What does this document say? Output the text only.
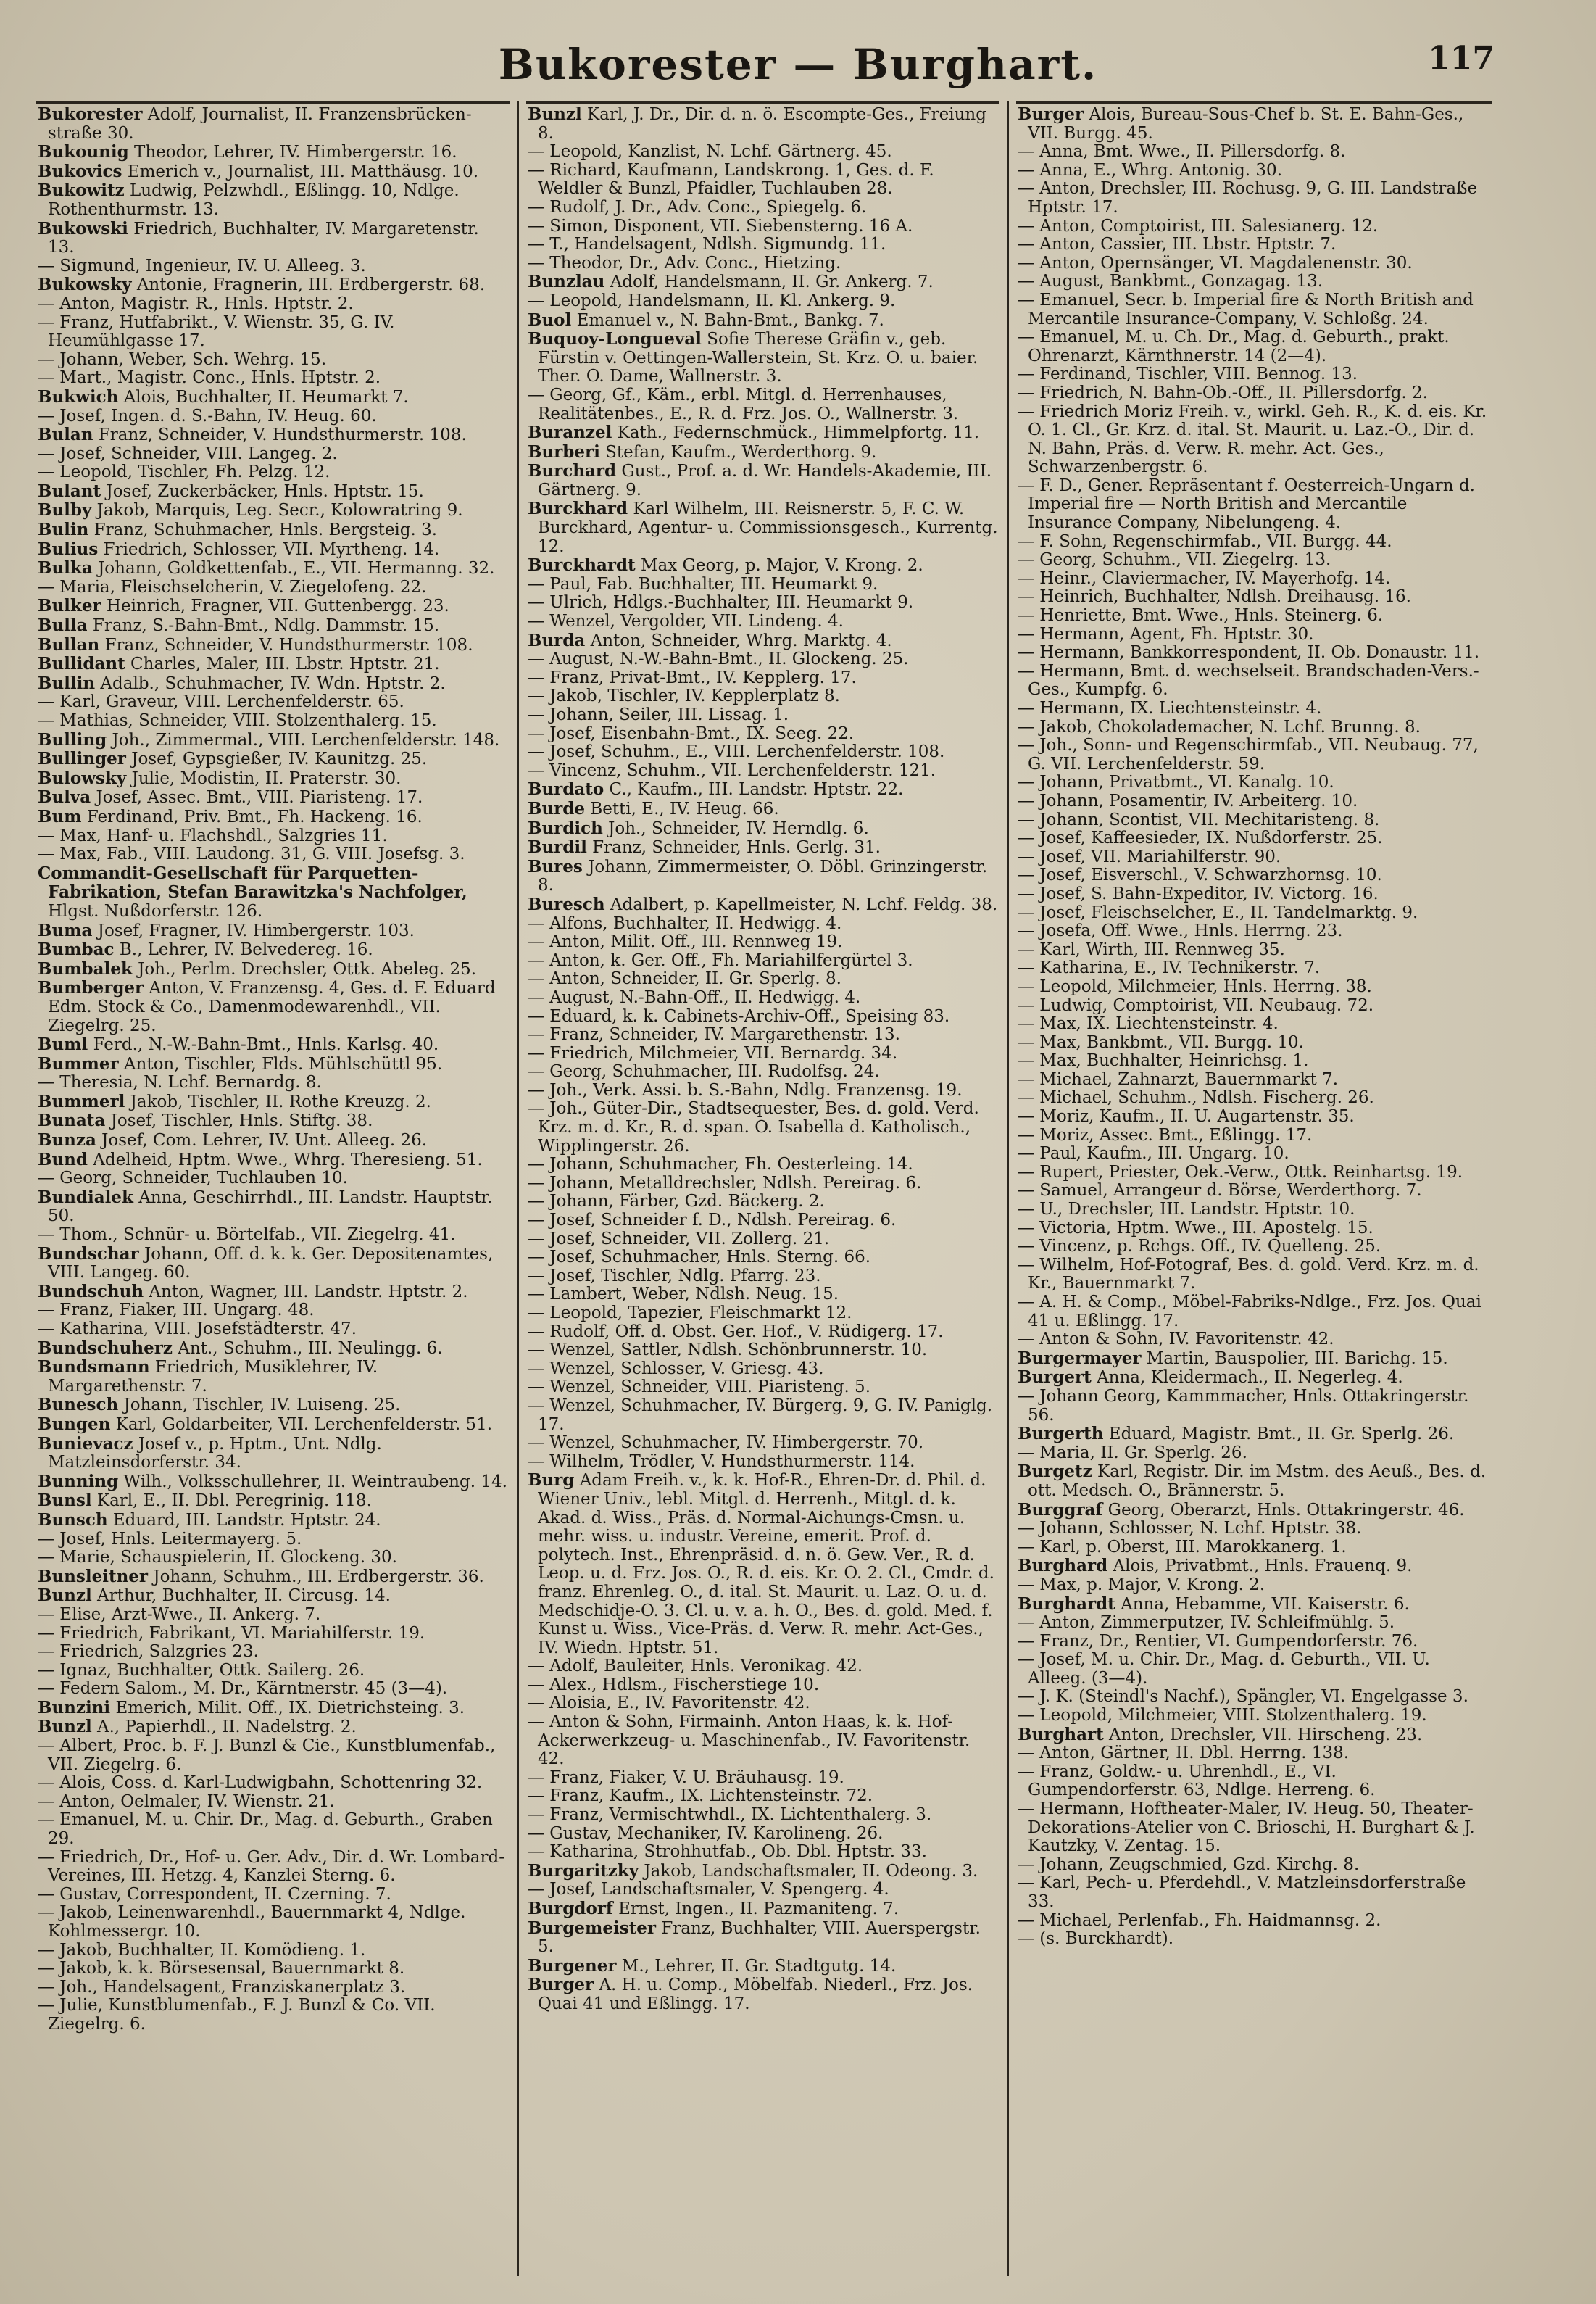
Bukorester — Burghart.	117
Bukorester Adolf, Journalist, II. Franzensbrücken-straße 30.
Bukounig Theodor, Lehrer, IV. Himbergerstr. 16.
Bukovics Emerich v., Journalist, III. Matthäusg. 10.
Bukowitz Ludwig, Pelzwhdl., Eßlingg. 10, Ndlge. Rothenthurmstr. 13.
Bukowski Friedrich, Buchhalter, IV. Margaretenstr. 13.
— Sigmund, Ingenieur, IV. U. Alleeg. 3.
Bukowsky Antonie, Fragnerin, III. Erdbergerstr. 68.
— Anton, Magistr. R., Hnls. Hptstr. 2.
— Franz, Hutfabrikt., V. Wienstr. 35, G. IV. Heumühlgasse 17.
— Johann, Weber, Sch. Wehrg. 15.
— Mart., Magistr. Conc., Hnls. Hptstr. 2.
Bukwich Alois, Buchhalter, II. Heumarkt 7.
— Josef, Ingen. d. S.-Bahn, IV. Heug. 60.
Bulan Franz, Schneider, V. Hundsthurmerstr. 108.
— Josef, Schneider, VIII. Langeg. 2.
— Leopold, Tischler, Fh. Pelzg. 12.
Bulant Josef, Zuckerbäcker, Hnls. Hptstr. 15.
Bulby Jakob, Marquis, Leg. Secr., Kolowratring 9.
Bulin Franz, Schuhmacher, Hnls. Bergsteig. 3.
Bulius Friedrich, Schlosser, VII. Myrtheng. 14.
Bulka Johann, Goldkettenfab., E., VII. Hermanng. 32.
— Maria, Fleischselcherin, V. Ziegelofeng. 22.
Bulker Heinrich, Fragner, VII. Guttenbergg. 23.
Bulla Franz, S.-Bahn-Bmt., Ndlg. Dammstr. 15.
Bullan Franz, Schneider, V. Hundsthurmerstr. 108.
Bullidant Charles, Maler, III. Lbstr. Hptstr. 21.
Bullin Adalb., Schuhmacher, IV. Wdn. Hptstr. 2.
— Karl, Graveur, VIII. Lerchenfelderstr. 65.
— Mathias, Schneider, VIII. Stolzenthalerg. 15.
Bulling Joh., Zimmermal., VIII. Lerchenfelderstr. 148.
Bullinger Josef, Gypsgießer, IV. Kaunitzg. 25.
Bulowsky Julie, Modistin, II. Praterstr. 30.
Bulva Josef, Assec. Bmt., VIII. Piaristeng. 17.
Bum Ferdinand, Priv. Bmt., Fh. Hackeng. 16.
— Max, Hanf- u. Flachshdl., Salzgries 11.
— Max, Fab., VIII. Laudong. 31, G. VIII. Josefsg. 3.
Commandit-Gesellschaft für Parquetten-Fabrikation, Stefan Barawitzka's Nachfolger, Hlgst. Nußdorferstr. 126.
Buma Josef, Fragner, IV. Himbergerstr. 103.
Bumbac B., Lehrer, IV. Belvedereg. 16.
Bumbalek Joh., Perlm. Drechsler, Ottk. Abeleg. 25.
Bumberger Anton, V. Franzensg. 4, Ges. d. F. Eduard Edm. Stock & Co., Damenmodewarenhdl., VII. Ziegelrg. 25.
Buml Ferd., N.-W.-Bahn-Bmt., Hnls. Karlsg. 40.
Bummer Anton, Tischler, Flds. Mühlschüttl 95.
— Theresia, N. Lchf. Bernardg. 8.
Bummerl Jakob, Tischler, II. Rothe Kreuzg. 2.
Bunata Josef, Tischler, Hnls. Stiftg. 38.
Bunza Josef, Com. Lehrer, IV. Unt. Alleeg. 26.
Bund Adelheid, Hptm. Wwe., Whrg. Theresieng. 51.
— Georg, Schneider, Tuchlauben 10.
Bundialek Anna, Geschirrhdl., III. Landstr. Hauptstr. 50.
— Thom., Schnür- u. Börtelfab., VII. Ziegelrg. 41.
Bundschar Johann, Off. d. k. k. Ger. Depositenamtes, VIII. Langeg. 60.
Bundschuh Anton, Wagner, III. Landstr. Hptstr. 2.
— Franz, Fiaker, III. Ungarg. 48.
— Katharina, VIII. Josefstädterstr. 47.
Bundschuherz Ant., Schuhm., III. Neulingg. 6.
Bundsmann Friedrich, Musiklehrer, IV. Margarethenstr. 7.
Bunesch Johann, Tischler, IV. Luiseng. 25.
Bungen Karl, Goldarbeiter, VII. Lerchenfelderstr. 51.
Bunievacz Josef v., p. Hptm., Unt. Ndlg. Matzleinsdorferstr. 34.
Bunning Wilh., Volksschullehrer, II. Weintraubeng. 14.
Bunsl Karl, E., II. Dbl. Peregrinig. 118.
Bunsch Eduard, III. Landstr. Hptstr. 24.
— Josef, Hnls. Leitermayerg. 5.
— Marie, Schauspielerin, II. Glockeng. 30.
Bunsleitner Johann, Schuhm., III. Erdbergerstr. 36.
Bunzl Arthur, Buchhalter, II. Circusg. 14.
— Elise, Arzt-Wwe., II. Ankerg. 7.
— Friedrich, Fabrikant, VI. Mariahilferstr. 19.
— Friedrich, Salzgries 23.
— Ignaz, Buchhalter, Ottk. Sailerg. 26.
— Federn Salom., M. Dr., Kärntnerstr. 45 (3—4).
Bunzini Emerich, Milit. Off., IX. Dietrichsteing. 3.
Bunzl A., Papierhdl., II. Nadelstrg. 2.
— Albert, Proc. b. F. J. Bunzl & Cie., Kunstblumenfab., VII. Ziegelrg. 6.
— Alois, Coss. d. Karl-Ludwigbahn, Schottenring 32.
— Anton, Oelmaler, IV. Wienstr. 21.
— Emanuel, M. u. Chir. Dr., Mag. d. Geburth., Graben 29.
— Friedrich, Dr., Hof- u. Ger. Adv., Dir. d. Wr. Lombard-Vereines, III. Hetzg. 4, Kanzlei Sterng. 6.
— Gustav, Correspondent, II. Czerning. 7.
— Jakob, Leinenwarenhdl., Bauernmarkt 4, Ndlge. Kohlmessergr. 10.
— Jakob, Buchhalter, II. Komödieng. 1.
— Jakob, k. k. Börsesensal, Bauernmarkt 8.
— Joh., Handelsagent, Franziskanerplatz 3.
— Julie, Kunstblumenfab., F. J. Bunzl & Co. VII. Ziegelrg. 6.
Bunzl Karl, J. Dr., Dir. d. n. ö. Escompte-Ges., Freiung 8.
— Leopold, Kanzlist, N. Lchf. Gärtnerg. 45.
— Richard, Kaufmann, Landskrong. 1, Ges. d. F. Weldler & Bunzl, Pfaidler, Tuchlauben 28.
— Rudolf, J. Dr., Adv. Conc., Spiegelg. 6.
— Simon, Disponent, VII. Siebensterng. 16 A.
— T., Handelsagent, Ndlsh. Sigmundg. 11.
— Theodor, Dr., Adv. Conc., Hietzing.
Bunzlau Adolf, Handelsmann, II. Gr. Ankerg. 7.
— Leopold, Handelsmann, II. Kl. Ankerg. 9.
Buol Emanuel v., N. Bahn-Bmt., Bankg. 7.
Buquoy-Longueval Sofie Therese Gräfin v., geb. Fürstin v. Oettingen-Wallerstein, St. Krz. O. u. baier. Ther. O. Dame, Wallnerstr. 3.
— Georg, Gf., Käm., erbl. Mitgl. d. Herrenhauses, Realitätenbes., E., R. d. Frz. Jos. O., Wallnerstr. 3.
Buranzel Kath., Federnschmück., Himmelpfortg. 11.
Burberi Stefan, Kaufm., Werderthorg. 9.
Burchard Gust., Prof. a. d. Wr. Handels-Akademie, III. Gärtnerg. 9.
Burckhard Karl Wilhelm, III. Reisnerstr. 5, F. C. W. Burckhard, Agentur- u. Commissionsgesch., Kurrentg. 12.
Burckhardt Max Georg, p. Major, V. Krong. 2.
— Paul, Fab. Buchhalter, III. Heumarkt 9.
— Ulrich, Hdlgs.-Buchhalter, III. Heumarkt 9.
— Wenzel, Vergolder, VII. Lindeng. 4.
Burda Anton, Schneider, Whrg. Marktg. 4.
— August, N.-W.-Bahn-Bmt., II. Glockeng. 25.
— Franz, Privat-Bmt., IV. Kepplerg. 17.
— Jakob, Tischler, IV. Kepplerplatz 8.
— Johann, Seiler, III. Lissag. 1.
— Josef, Eisenbahn-Bmt., IX. Seeg. 22.
— Josef, Schuhm., E., VIII. Lerchenfelderstr. 108.
— Vincenz, Schuhm., VII. Lerchenfelderstr. 121.
Burdato C., Kaufm., III. Landstr. Hptstr. 22.
Burde Betti, E., IV. Heug. 66.
Burdich Joh., Schneider, IV. Herndlg. 6.
Burdil Franz, Schneider, Hnls. Gerlg. 31.
Bures Johann, Zimmermeister, O. Döbl. Grinzingerstr. 8.
Buresch Adalbert, p. Kapellmeister, N. Lchf. Feldg. 38.
— Alfons, Buchhalter, II. Hedwigg. 4.
— Anton, Milit. Off., III. Rennweg 19.
— Anton, k. Ger. Off., Fh. Mariahilfergürtel 3.
— Anton, Schneider, II. Gr. Sperlg. 8.
— August, N.-Bahn-Off., II. Hedwigg. 4.
— Eduard, k. k. Cabinets-Archiv-Off., Speising 83.
— Franz, Schneider, IV. Margarethenstr. 13.
— Friedrich, Milchmeier, VII. Bernardg. 34.
— Georg, Schuhmacher, III. Rudolfsg. 24.
— Joh., Verk. Assi. b. S.-Bahn, Ndlg. Franzensg. 19.
— Joh., Güter-Dir., Stadtsequester, Bes. d. gold. Verd. Krz. m. d. Kr., R. d. span. O. Isabella d. Katholisch., Wipplingerstr. 26.
— Johann, Schuhmacher, Fh. Oesterleing. 14.
— Johann, Metalldrechsler, Ndlsh. Pereirag. 6.
— Johann, Färber, Gzd. Bäckerg. 2.
— Josef, Schneider f. D., Ndlsh. Pereirag. 6.
— Josef, Schneider, VII. Zollerg. 21.
— Josef, Schuhmacher, Hnls. Sterng. 66.
— Josef, Tischler, Ndlg. Pfarrg. 23.
— Lambert, Weber, Ndlsh. Neug. 15.
— Leopold, Tapezier, Fleischmarkt 12.
— Rudolf, Off. d. Obst. Ger. Hof., V. Rüdigerg. 17.
— Wenzel, Sattler, Ndlsh. Schönbrunnerstr. 10.
— Wenzel, Schlosser, V. Griesg. 43.
— Wenzel, Schneider, VIII. Piaristeng. 5.
— Wenzel, Schuhmacher, IV. Bürgerg. 9, G. IV. Paniglg. 17.
— Wenzel, Schuhmacher, IV. Himbergerstr. 70.
— Wilhelm, Trödler, V. Hundsthurmerstr. 114.
Burg Adam Freih. v., k. k. Hof-R., Ehren-Dr. d. Phil. d. Wiener Univ., lebl. Mitgl. d. Herrenh., Mitgl. d. k. Akad. d. Wiss., Präs. d. Normal-Aichungs-Cmsn. u. mehr. wiss. u. industr. Vereine, emerit. Prof. d. polytech. Inst., Ehrenpräsid. d. n. ö. Gew. Ver., R. d. Leop. u. d. Frz. Jos. O., R. d. eis. Kr. O. 2. Cl., Cmdr. d. franz. Ehrenleg. O., d. ital. St. Maurit. u. Laz. O. u. d. Medschidje-O. 3. Cl. u. v. a. h. O., Bes. d. gold. Med. f. Kunst u. Wiss., Vice-Präs. d. Verw. R. mehr. Act-Ges., IV. Wiedn. Hptstr. 51.
— Adolf, Bauleiter, Hnls. Veronikag. 42.
— Alex., Hdlsm., Fischerstiege 10.
— Aloisia, E., IV. Favoritenstr. 42.
— Anton & Sohn, Firmainh. Anton Haas, k. k. Hof-Ackerwerkzeug- u. Maschinenfab., IV. Favoritenstr. 42.
— Franz, Fiaker, V. U. Bräuhausg. 19.
— Franz, Kaufm., IX. Lichtensteinstr. 72.
— Franz, Vermischtwhdl., IX. Lichtenthalerg. 3.
— Gustav, Mechaniker, IV. Karolineng. 26.
— Katharina, Strohhutfab., Ob. Dbl. Hptstr. 33.
Burgaritzky Jakob, Landschaftsmaler, II. Odeong. 3.
— Josef, Landschaftsmaler, V. Spengerg. 4.
Burgdorf Ernst, Ingen., II. Pazmaniteng. 7.
Burgemeister Franz, Buchhalter, VIII. Auerspergstr. 5.
Burgener M., Lehrer, II. Gr. Stadtgutg. 14.
Burger A. H. u. Comp., Möbelfab. Niederl., Frz. Jos. Quai 41 und Eßlingg. 17.
Burger Alois, Bureau-Sous-Chef b. St. E. Bahn-Ges., VII. Burgg. 45.
— Anna, Bmt. Wwe., II. Pillersdorfg. 8.
— Anna, E., Whrg. Antonig. 30.
— Anton, Drechsler, III. Rochusg. 9, G. III. Landstraße Hptstr. 17.
— Anton, Comptoirist, III. Salesianerg. 12.
— Anton, Cassier, III. Lbstr. Hptstr. 7.
— Anton, Opernsänger, VI. Magdalenenstr. 30.
— August, Bankbmt., Gonzagag. 13.
— Emanuel, Secr. b. Imperial fire & North British and Mercantile Insurance-Company, V. Schloßg. 24.
— Emanuel, M. u. Ch. Dr., Mag. d. Geburth., prakt. Ohrenarzt, Kärnthnerstr. 14 (2—4).
— Ferdinand, Tischler, VIII. Bennog. 13.
— Friedrich, N. Bahn-Ob.-Off., II. Pillersdorfg. 2.
— Friedrich Moriz Freih. v., wirkl. Geh. R., K. d. eis. Kr. O. 1. Cl., Gr. Krz. d. ital. St. Maurit. u. Laz.-O., Dir. d. N. Bahn, Präs. d. Verw. R. mehr. Act. Ges., Schwarzenbergstr. 6.
— F. D., Gener. Repräsentant f. Oesterreich-Ungarn d. Imperial fire — North British and Mercantile Insurance Company, Nibelungeng. 4.
— F. Sohn, Regenschirmfab., VII. Burgg. 44.
— Georg, Schuhm., VII. Ziegelrg. 13.
— Heinr., Claviermacher, IV. Mayerhofg. 14.
— Heinrich, Buchhalter, Ndlsh. Dreihausg. 16.
— Henriette, Bmt. Wwe., Hnls. Steinerg. 6.
— Hermann, Agent, Fh. Hptstr. 30.
— Hermann, Bankkorrespondent, II. Ob. Donaustr. 11.
— Hermann, Bmt. d. wechselseit. Brandschaden-Vers.-Ges., Kumpfg. 6.
— Hermann, IX. Liechtensteinstr. 4.
— Jakob, Chokolademacher, N. Lchf. Brunng. 8.
— Joh., Sonn- und Regenschirmfab., VII. Neubaug. 77, G. VII. Lerchenfelderstr. 59.
— Johann, Privatbmt., VI. Kanalg. 10.
— Johann, Posamentir, IV. Arbeiterg. 10.
— Johann, Scontist, VII. Mechitaristeng. 8.
— Josef, Kaffeesieder, IX. Nußdorferstr. 25.
— Josef, VII. Mariahilferstr. 90.
— Josef, Eisverschl., V. Schwarzhornsg. 10.
— Josef, S. Bahn-Expeditor, IV. Victorg. 16.
— Josef, Fleischselcher, E., II. Tandelmarktg. 9.
— Josefa, Off. Wwe., Hnls. Herrng. 23.
— Karl, Wirth, III. Rennweg 35.
— Katharina, E., IV. Technikerstr. 7.
— Leopold, Milchmeier, Hnls. Herrng. 38.
— Ludwig, Comptoirist, VII. Neubaug. 72.
— Max, IX. Liechtensteinstr. 4.
— Max, Bankbmt., VII. Burgg. 10.
— Max, Buchhalter, Heinrichsg. 1.
— Michael, Zahnarzt, Bauernmarkt 7.
— Michael, Schuhm., Ndlsh. Fischerg. 26.
— Moriz, Kaufm., II. U. Augartenstr. 35.
— Moriz, Assec. Bmt., Eßlingg. 17.
— Paul, Kaufm., III. Ungarg. 10.
— Rupert, Priester, Oek.-Verw., Ottk. Reinhartsg. 19.
— Samuel, Arrangeur d. Börse, Werderthorg. 7.
— U., Drechsler, III. Landstr. Hptstr. 10.
— Victoria, Hptm. Wwe., III. Apostelg. 15.
— Vincenz, p. Rchgs. Off., IV. Quelleng. 25.
— Wilhelm, Hof-Fotograf, Bes. d. gold. Verd. Krz. m. d. Kr., Bauernmarkt 7.
— A. H. & Comp., Möbel-Fabriks-Ndlge., Frz. Jos. Quai 41 u. Eßlingg. 17.
— Anton & Sohn, IV. Favoritenstr. 42.
Burgermayer Martin, Bauspolier, III. Barichg. 15.
Burgert Anna, Kleidermach., II. Negerleg. 4.
— Johann Georg, Kammmacher, Hnls. Ottakringerstr. 56.
Burgerth Eduard, Magistr. Bmt., II. Gr. Sperlg. 26.
— Maria, II. Gr. Sperlg. 26.
Burgetz Karl, Registr. Dir. im Mstm. des Aeuß., Bes. d. ott. Medsch. O., Brännerstr. 5.
Burggraf Georg, Oberarzt, Hnls. Ottakringerstr. 46.
— Johann, Schlosser, N. Lchf. Hptstr. 38.
— Karl, p. Oberst, III. Marokkanerg. 1.
Burghard Alois, Privatbmt., Hnls. Frauenq. 9.
— Max, p. Major, V. Krong. 2.
Burghardt Anna, Hebamme, VII. Kaiserstr. 6.
— Anton, Zimmerputzer, IV. Schleifmühlg. 5.
— Franz, Dr., Rentier, VI. Gumpendorferstr. 76.
— Josef, M. u. Chir. Dr., Mag. d. Geburth., VII. U. Alleeg. (3—4).
— J. K. (Steindl's Nachf.), Spängler, VI. Engelgasse 3.
— Leopold, Milchmeier, VIII. Stolzenthalerg. 19.
Burghart Anton, Drechsler, VII. Hirscheng. 23.
— Anton, Gärtner, II. Dbl. Herrng. 138.
— Franz, Goldw.- u. Uhrenhdl., E., VI. Gumpendorferstr. 63, Ndlge. Herreng. 6.
— Hermann, Hoftheater-Maler, IV. Heug. 50, Theater-Dekorations-Atelier von C. Brioschi, H. Burghart & J. Kautzky, V. Zentag. 15.
— Johann, Zeugschmied, Gzd. Kirchg. 8.
— Karl, Pech- u. Pferdehdl., V. Matzleinsdorferstraße 33.
— Michael, Perlenfab., Fh. Haidmannsg. 2.
— (s. Burckhardt).
